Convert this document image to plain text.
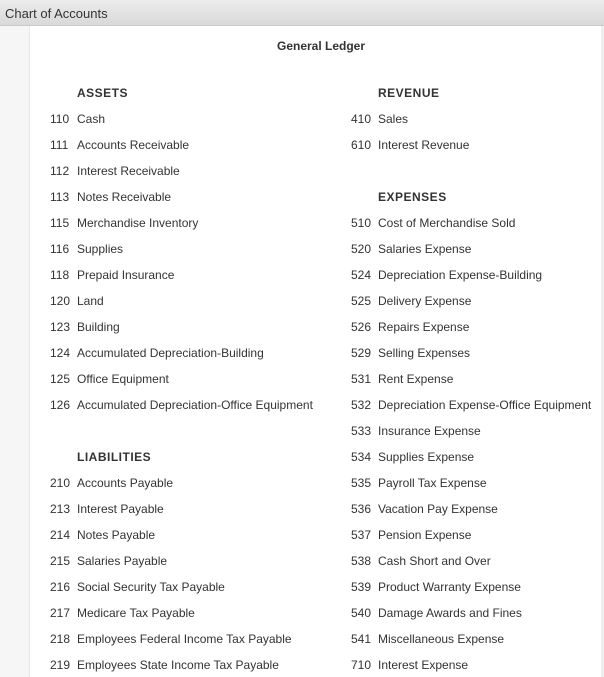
Chart of Accounts
General Ledger
ASSETS
110 Cash
111 Accounts Receivable
112 Interest Receivable
113 Notes Receivable
115 Merchandise Inventory
116 Supplies
118 Prepaid Insurance
120 Land
123 Building
124 Accumulated Depreciation-Building
125 Office Equipment
126 Accumulated Depreciation-Office Equipment
LIABILITIES
210 Accounts Payable
213 Interest Payable
214 Notes Payable
215 Salaries Payable
216 Social Security Tax Payable
217 Medicare Tax Payable
218 Employees Federal Income Tax Payable
219 Employees State Income Tax Payable
REVENUE
410 Sales
610 Interest Revenue
EXPENSES
510 Cost of Merchandise Sold
520 Salaries Expense
524 Depreciation Expense-Building
525 Delivery Expense
526 Repairs Expense
529 Selling Expenses
531 Rent Expense
532 Depreciation Expense-Office Equipment
533 Insurance Expense
534 Supplies Expense
535 Payroll Tax Expense
536 Vacation Pay Expense
537 Pension Expense
538 Cash Short and Over
539 Product Warranty Expense
540 Damage Awards and Fines
541 Miscellaneous Expense
710 Interest Expense
